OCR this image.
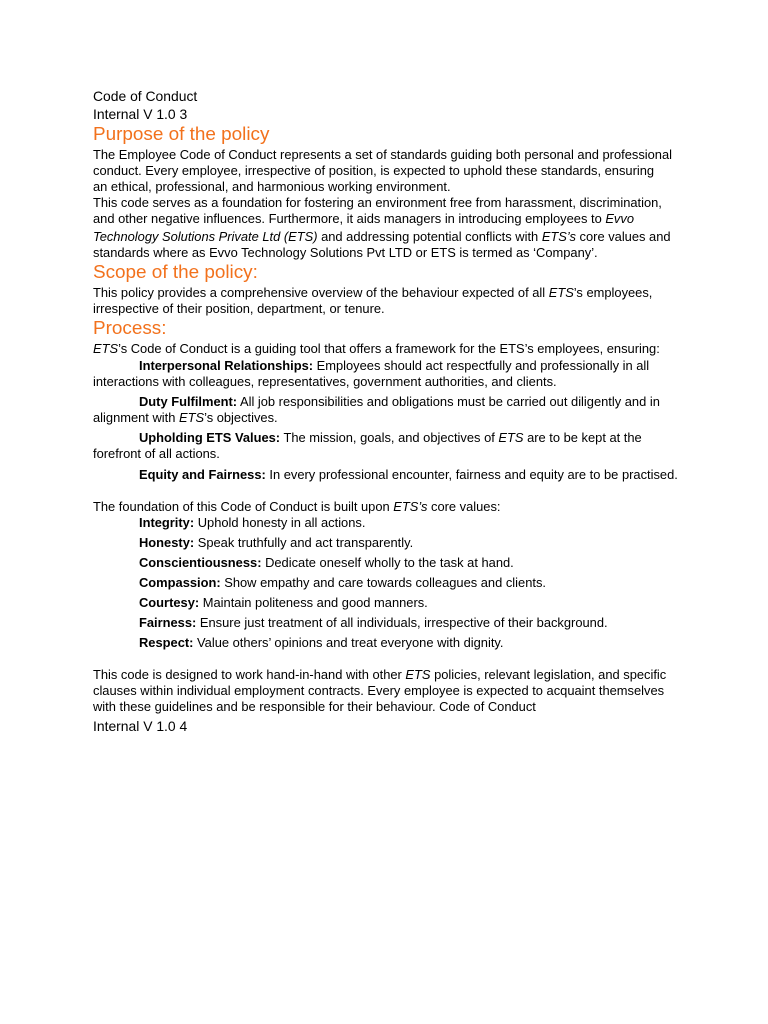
Code of Conduct
Internal V 1.0 3
Purpose of the policy
The Employee Code of Conduct represents a set of standards guiding both personal and professional
conduct. Every employee, irrespective of position, is expected to uphold these standards, ensuring
an ethical, professional, and harmonious working environment.
This code serves as a foundation for fostering an environment free from harassment, discrimination,
and other negative influences. Furthermore, it aids managers in introducing employees to Evvo
Technology Solutions Private Ltd (ETS) and addressing potential conflicts with ETS’s core values and
standards where as Evvo Technology Solutions Pvt LTD or ETS is termed as ‘Company’.
Scope of the policy:
This policy provides a comprehensive overview of the behaviour expected of all ETS’s employees,
irrespective of their position, department, or tenure.
Process:
ETS’s Code of Conduct is a guiding tool that offers a framework for the ETS’s employees, ensuring:
Interpersonal Relationships: Employees should act respectfully and professionally in all
interactions with colleagues, representatives, government authorities, and clients.
Duty Fulfilment: All job responsibilities and obligations must be carried out diligently and in
alignment with ETS’s objectives.
Upholding ETS Values: The mission, goals, and objectives of ETS are to be kept at the
forefront of all actions.
Equity and Fairness: In every professional encounter, fairness and equity are to be practised.
The foundation of this Code of Conduct is built upon ETS’s core values:
Integrity: Uphold honesty in all actions.
Honesty: Speak truthfully and act transparently.
Conscientiousness: Dedicate oneself wholly to the task at hand.
Compassion: Show empathy and care towards colleagues and clients.
Courtesy: Maintain politeness and good manners.
Fairness: Ensure just treatment of all individuals, irrespective of their background.
Respect: Value others’ opinions and treat everyone with dignity.
This code is designed to work hand-in-hand with other ETS policies, relevant legislation, and specific
clauses within individual employment contracts. Every employee is expected to acquaint themselves
with these guidelines and be responsible for their behaviour. Code of Conduct
Internal V 1.0 4
